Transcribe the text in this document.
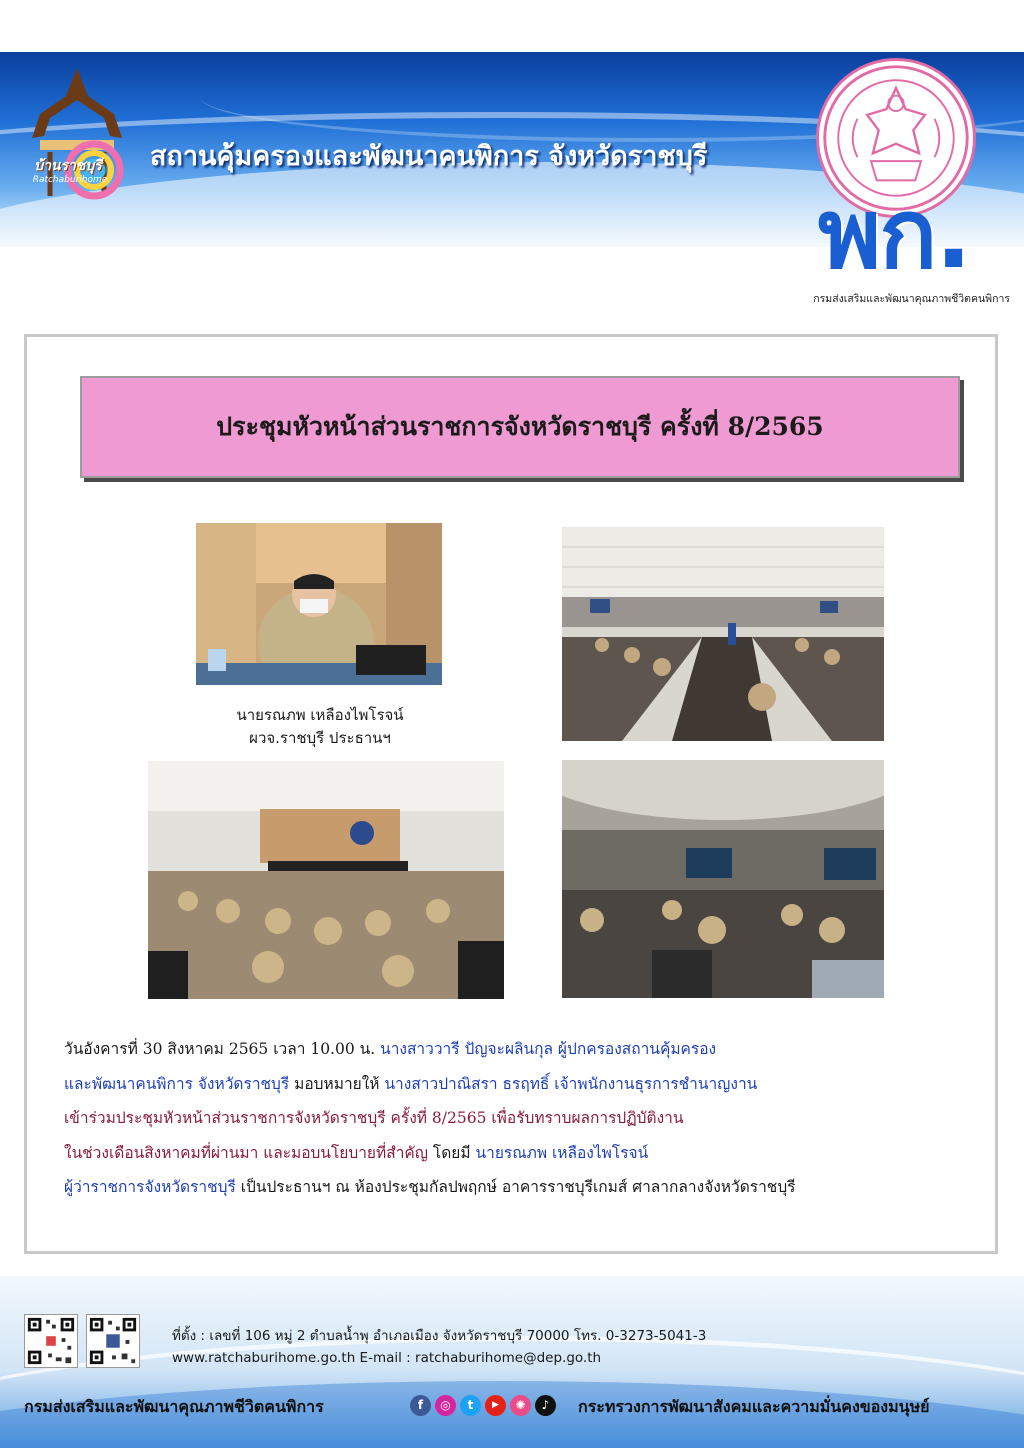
บ้านราชบุรี
Ratchaburihome
สถานคุ้มครองและพัฒนาคนพิการ จังหวัดราชบุรี
พก.
กรมส่งเสริมและพัฒนาคุณภาพชีวิตคนพิการ
ประชุมหัวหน้าส่วนราชการจังหวัดราชบุรี ครั้งที่ 8/2565
นายรณภพ เหลืองไพโรจน์
ผวจ.ราชบุรี ประธานฯ
วันอังคารที่ 30 สิงหาคม 2565 เวลา 10.00 น. นางสาววารี ปัญจะผลินกุล ผู้ปกครองสถานคุ้มครอง
และพัฒนาคนพิการ จังหวัดราชบุรี มอบหมายให้ นางสาวปาณิสรา ธรฤทธิ์ เจ้าพนักงานธุรการชำนาญงาน
เข้าร่วมประชุมหัวหน้าส่วนราชการจังหวัดราชบุรี ครั้งที่ 8/2565 เพื่อรับทราบผลการปฏิบัติงาน
ในช่วงเดือนสิงหาคมที่ผ่านมา และมอบนโยบายที่สำคัญ โดยมี นายรณภพ เหลืองไพโรจน์
ผู้ว่าราชการจังหวัดราชบุรี เป็นประธานฯ ณ ห้องประชุมกัลปพฤกษ์ อาคารราชบุรีเกมส์ ศาลากลางจังหวัดราชบุรี
ที่ตั้ง : เลขที่ 106 หมู่ 2 ตำบลน้ำพุ อำเภอเมือง จังหวัดราชบุรี 70000 โทร. 0-3273-5041-3
www.ratchaburihome.go.th E-mail : ratchaburihome@dep.go.th
กรมส่งเสริมและพัฒนาคุณภาพชีวิตคนพิการ	f	◎	t	▶	✺	♪	กระทรวงการพัฒนาสังคมและความมั่นคงของมนุษย์
